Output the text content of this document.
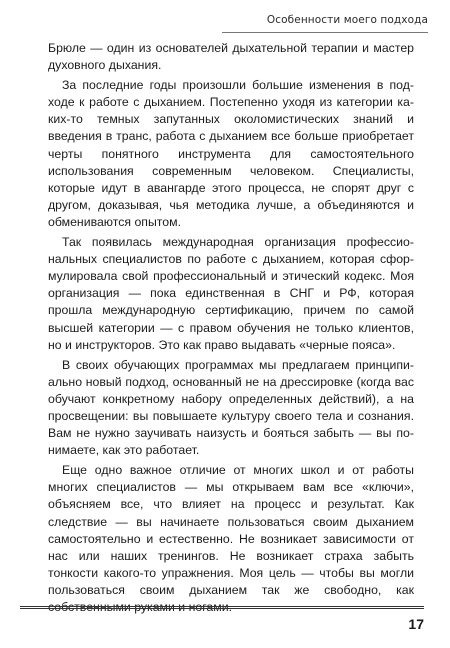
Особенности моего подхода

Брюле — один из основателей дыхательной терапии и мастер духовного дыхания.

За последние годы произошли большие изменения в подходе к работе с дыханием. Постепенно уходя из категории каких-то темных запутанных околомистических знаний и введения в транс, работа с дыханием все больше приобретает черты понятного инструмента для самостоятельного использования современным человеком. Специалисты, которые идут в авангарде этого процесса, не спорят друг с другом, доказывая, чья методика лучше, а объединяются и обмениваются опытом.

Так появилась международная организация профессиональных специалистов по работе с дыханием, которая сформулировала свой профессиональный и этический кодекс. Моя организация — пока единственная в СНГ и РФ, которая прошла международную сертификацию, причем по самой высшей категории — с правом обучения не только клиентов, но и инструкторов. Это как право выдавать «черные пояса».

В своих обучающих программах мы предлагаем принципиально новый подход, основанный не на дрессировке (когда вас обучают конкретному набору определенных действий), а на просвещении: вы повышаете культуру своего тела и сознания. Вам не нужно заучивать наизусть и бояться забыть — вы понимаете, как это работает.

Еще одно важное отличие от многих школ и от работы многих специалистов — мы открываем вам все «ключи», объясняем все, что влияет на процесс и результат. Как следствие — вы начинаете пользоваться своим дыханием самостоятельно и естественно. Не возникает зависимости от нас или наших тренингов. Не возникает страха забыть тонкости какого-то упражнения. Моя цель — чтобы вы могли пользоваться своим дыханием так же свободно, как собственными руками и ногами.

17
